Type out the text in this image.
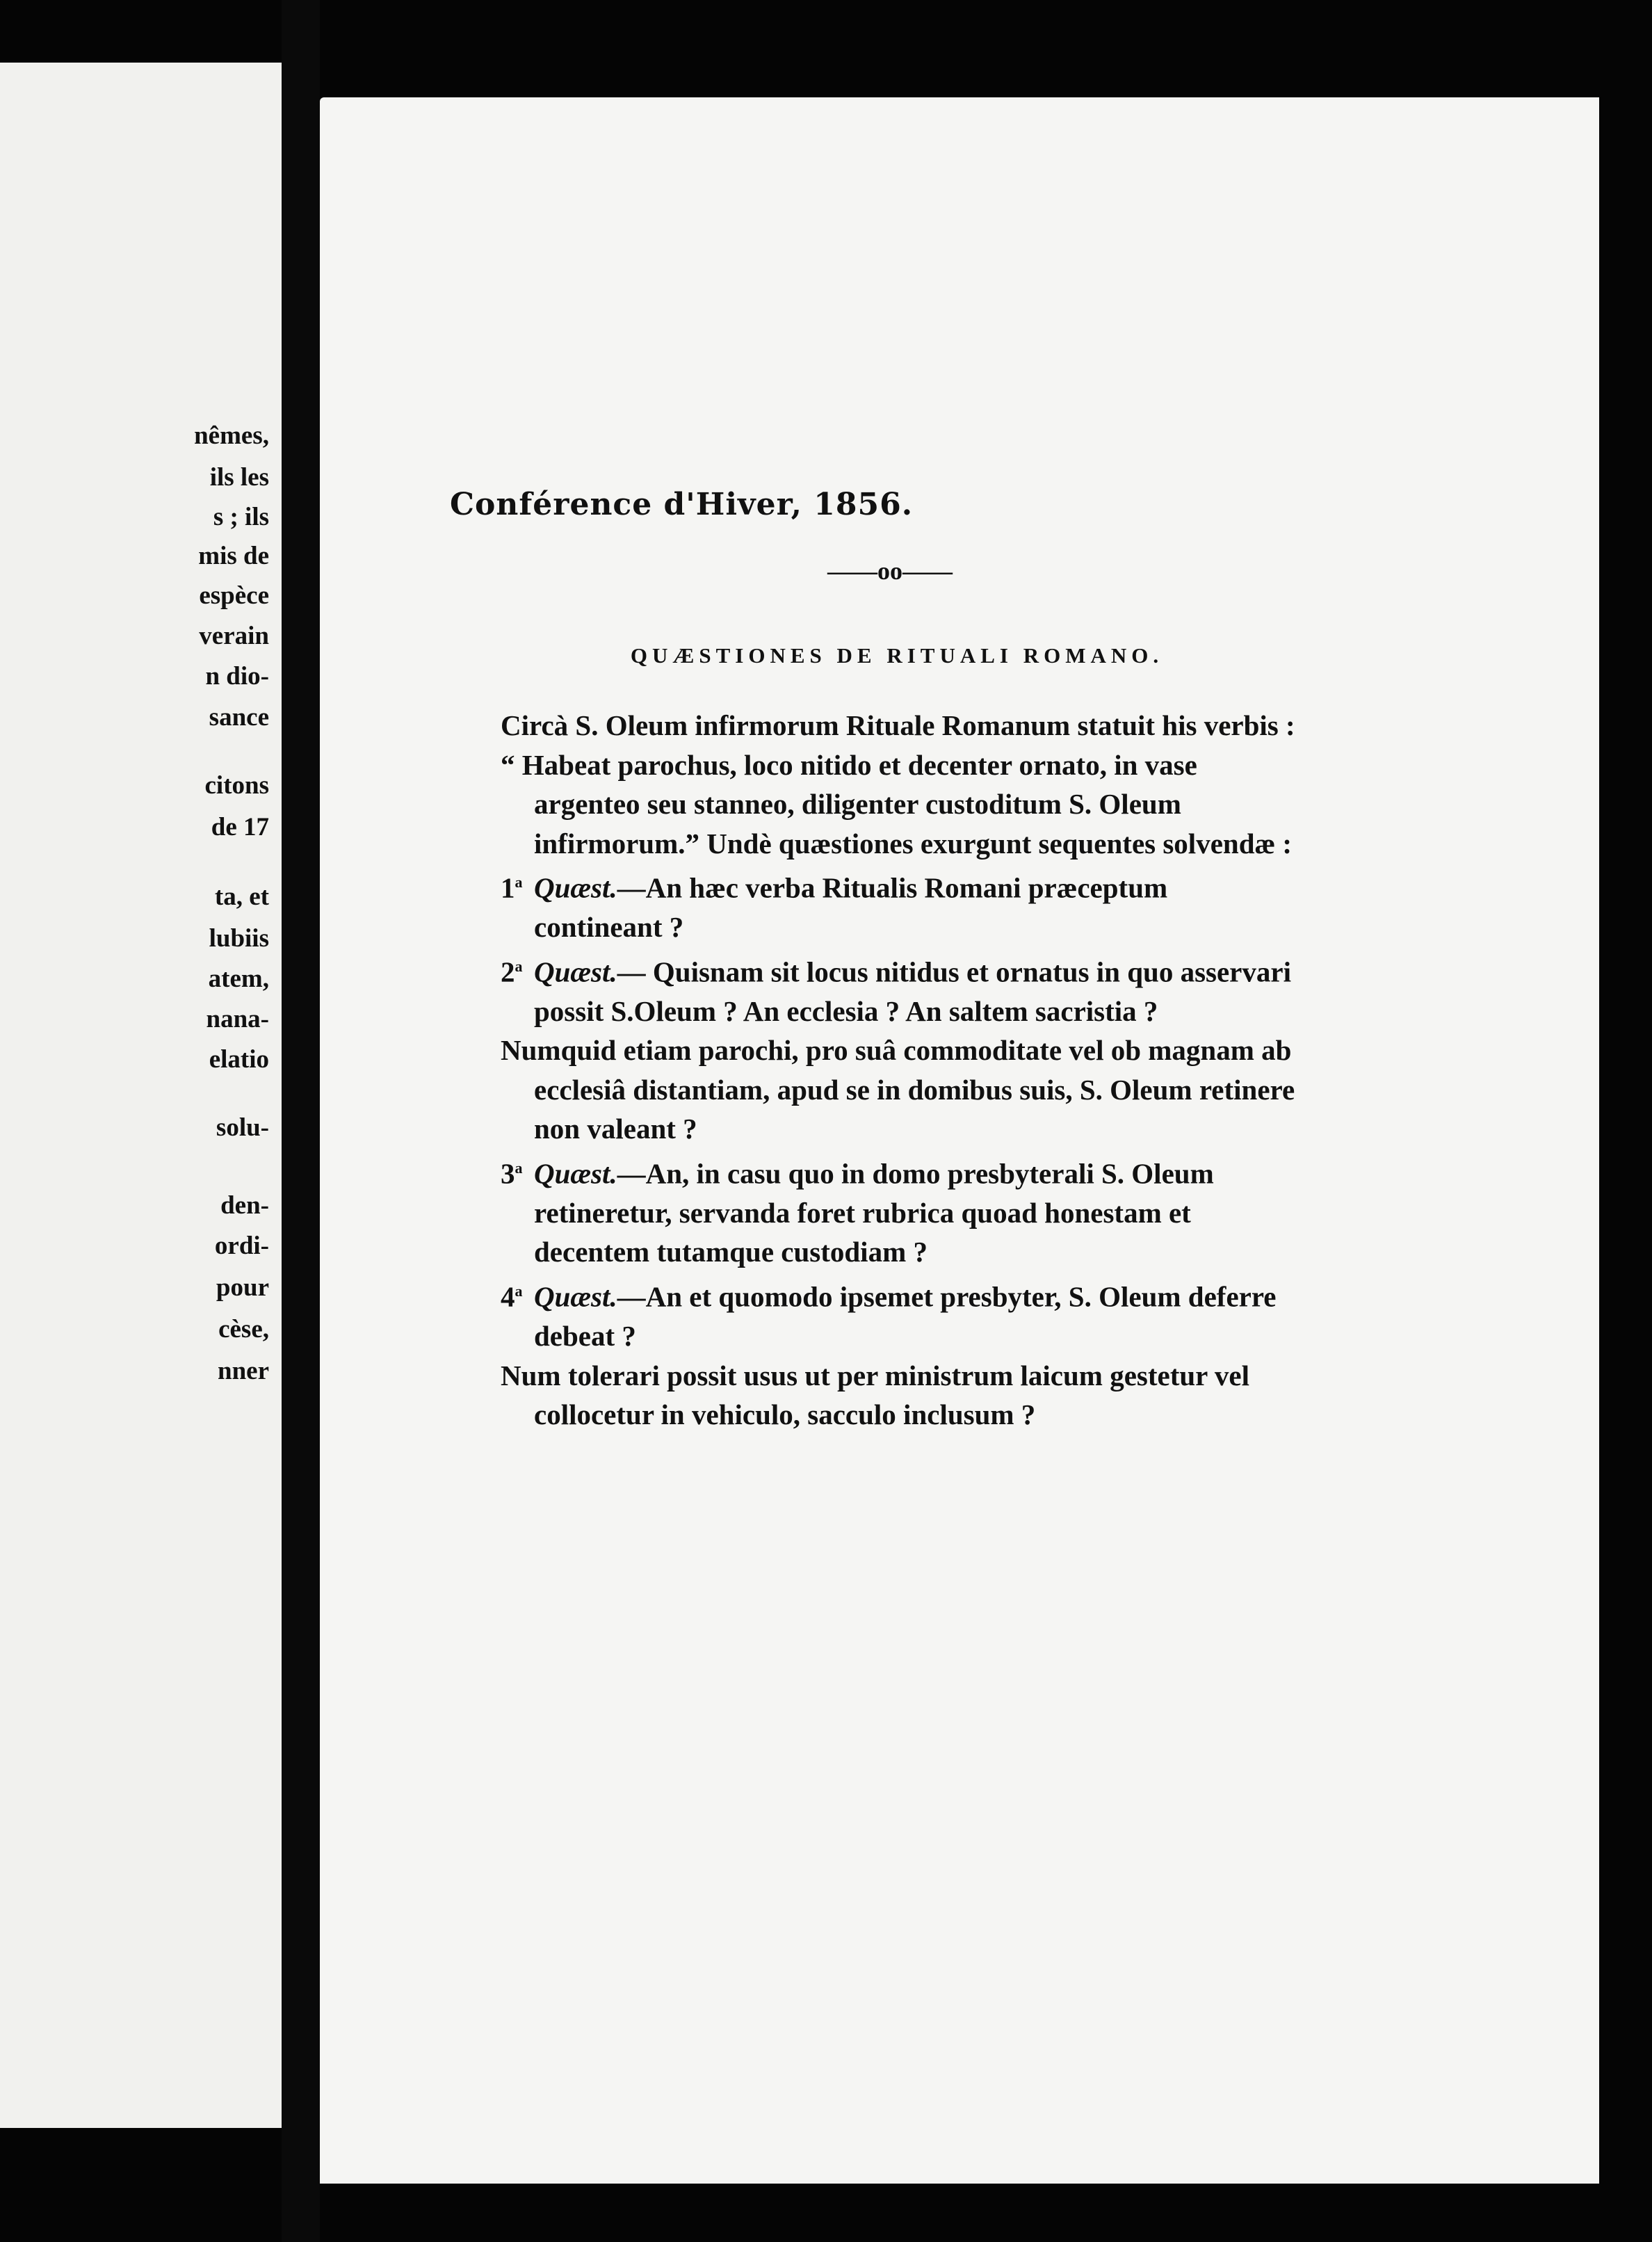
nêmes,
ils les
s ; ils
mis de
espèce
verain
n dio-
sance
citons
de 17
ta, et
lubiis
atem,
nana-
elatio
solu-
den-
ordi-
pour
cèse,
nner
Conférence d'Hiver, 1856.
——oo——
QUÆSTIONES DE RITUALI ROMANO.

Circà S. Oleum infirmorum Rituale Romanum statuit his verbis :

“ Habeat parochus, loco nitido et decenter ornato, in vase argenteo seu stanneo, diligenter custoditum S. Oleum infirmorum.” Undè quæstiones exurgunt sequentes solvendæ :

1$^a$ Quæst.—An hæc verba Ritualis Romani præceptum contineant ?

2$^a$ Quæst.— Quisnam sit locus nitidus et ornatus in quo asservari possit S.Oleum ? An ecclesia ? An saltem sacristia ?

Numquid etiam parochi, pro suâ commoditate vel ob magnam ab ecclesiâ distantiam, apud se in domibus suis, S. Oleum retinere non valeant ?

3$^a$ Quæst.—An, in casu quo in domo presbyterali S. Oleum retineretur, servanda foret rubrica quoad honestam et decentem tutamque custodiam ?

4$^a$ Quæst.—An et quomodo ipsemet presbyter, S. Oleum deferre debeat ?

Num tolerari possit usus ut per ministrum laicum gestetur vel collocetur in vehiculo, sacculo inclusum ?
